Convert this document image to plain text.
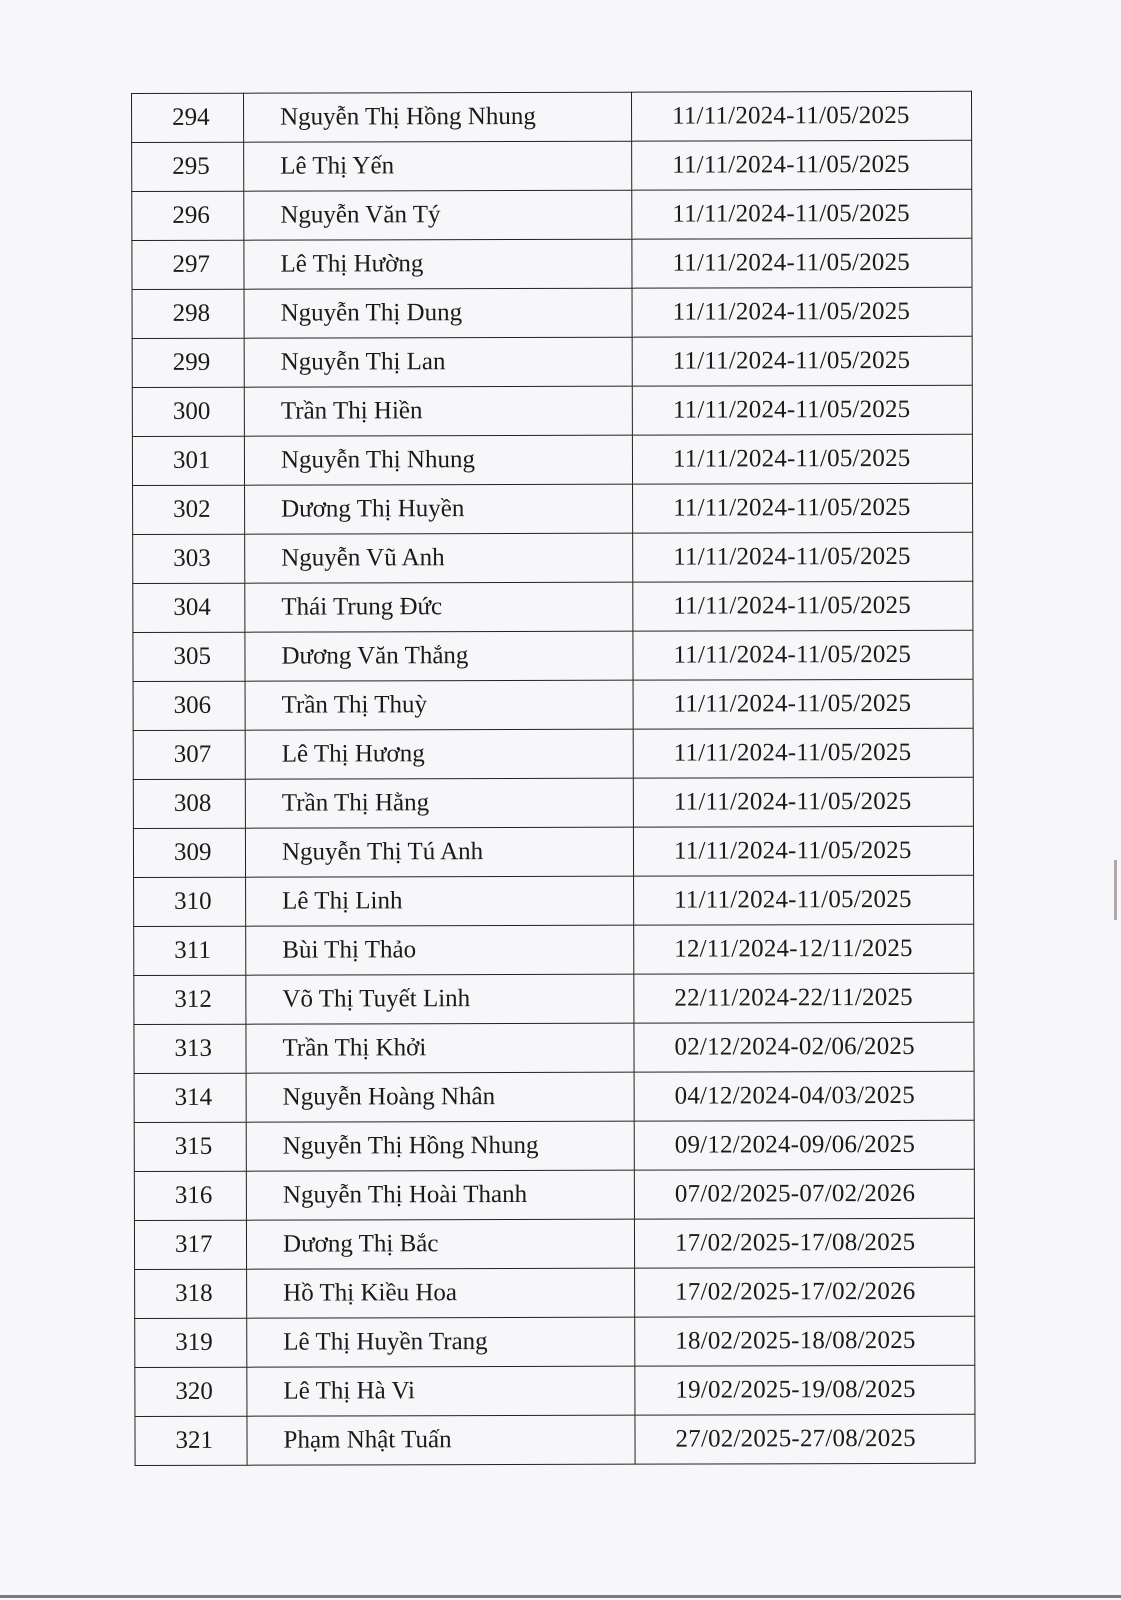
294	Nguyễn Thị Hồng Nhung	11/11/2024-11/05/2025
295	Lê Thị Yến	11/11/2024-11/05/2025
296	Nguyễn Văn Tý	11/11/2024-11/05/2025
297	Lê Thị Hường	11/11/2024-11/05/2025
298	Nguyễn Thị Dung	11/11/2024-11/05/2025
299	Nguyễn Thị Lan	11/11/2024-11/05/2025
300	Trần Thị Hiền	11/11/2024-11/05/2025
301	Nguyễn Thị Nhung	11/11/2024-11/05/2025
302	Dương Thị Huyền	11/11/2024-11/05/2025
303	Nguyễn Vũ Anh	11/11/2024-11/05/2025
304	Thái Trung Đức	11/11/2024-11/05/2025
305	Dương Văn Thắng	11/11/2024-11/05/2025
306	Trần Thị Thuỳ	11/11/2024-11/05/2025
307	Lê Thị Hương	11/11/2024-11/05/2025
308	Trần Thị Hằng	11/11/2024-11/05/2025
309	Nguyễn Thị Tú Anh	11/11/2024-11/05/2025
310	Lê Thị Linh	11/11/2024-11/05/2025
311	Bùi Thị Thảo	12/11/2024-12/11/2025
312	Võ Thị Tuyết Linh	22/11/2024-22/11/2025
313	Trần Thị Khởi	02/12/2024-02/06/2025
314	Nguyễn Hoàng Nhân	04/12/2024-04/03/2025
315	Nguyễn Thị Hồng Nhung	09/12/2024-09/06/2025
316	Nguyễn Thị Hoài Thanh	07/02/2025-07/02/2026
317	Dương Thị Bắc	17/02/2025-17/08/2025
318	Hồ Thị Kiều Hoa	17/02/2025-17/02/2026
319	Lê Thị Huyền Trang	18/02/2025-18/08/2025
320	Lê Thị Hà Vi	19/02/2025-19/08/2025
321	Phạm Nhật Tuấn	27/02/2025-27/08/2025
